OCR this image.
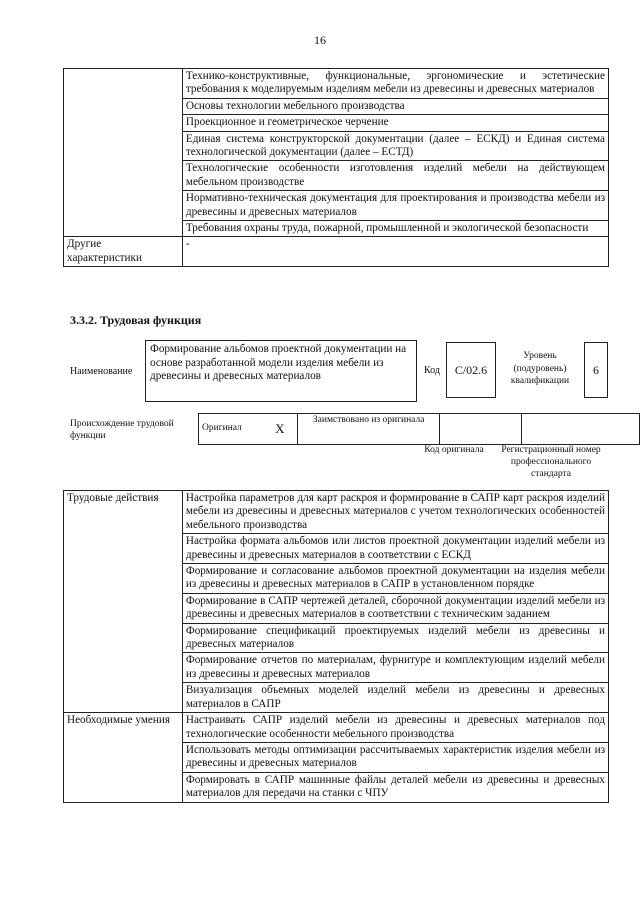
16
	Технико-конструктивные, функциональные, эргономические и эстетические требования к моделируемым изделиям мебели из древесины и древесных материалов
	Основы технологии мебельного производства
	Проекционное и геометрическое черчение
	Единая система конструкторской документации (далее – ЕСКД) и Единая система технологической документации (далее – ЕСТД)
	Технологические особенности изготовления изделий мебели на действующем мебельном производстве
	Нормативно-техническая документация для проектирования и производства мебели из древесины и древесных материалов
	Требования охраны труда, пожарной, промышленной и экологической безопасности
Другие характеристики	-
3.3.2. Трудовая функция
Наименование
Формирование альбомов проектной документации на основе разработанной модели изделия мебели из древесины и древесных материалов	Код	С/02.6
Уровень (подуровень) квалификации
6
Происхождение трудовой функции
Оригинал	X	Заимствовано из оригинала		
Код оригинала	Регистрационный номер профессионального стандарта
Трудовые действия	Настройка параметров для карт раскроя и формирование в САПР карт раскроя изделий мебели из древесины и древесных материалов с учетом технологических особенностей мебельного производства
	Настройка формата альбомов или листов проектной документации изделий мебели из древесины и древесных материалов в соответствии с ЕСКД
	Формирование и согласование альбомов проектной документации на изделия мебели из древесины и древесных материалов в САПР в установленном порядке
	Формирование в САПР чертежей деталей, сборочной документации изделий мебели из древесины и древесных материалов в соответствии с техническим заданием
	Формирование спецификаций проектируемых изделий мебели из древесины и древесных материалов
	Формирование отчетов по материалам, фурнитуре и комплектующим изделий мебели из древесины и древесных материалов
	Визуализация объемных моделей изделий мебели из древесины и древесных материалов в САПР
Необходимые умения	Настраивать САПР изделий мебели из древесины и древесных материалов под технологические особенности мебельного производства
	Использовать методы оптимизации рассчитываемых характеристик изделия мебели из древесины и древесных материалов
	Формировать в САПР машинные файлы деталей мебели из древесины и древесных материалов для передачи на станки с ЧПУ
